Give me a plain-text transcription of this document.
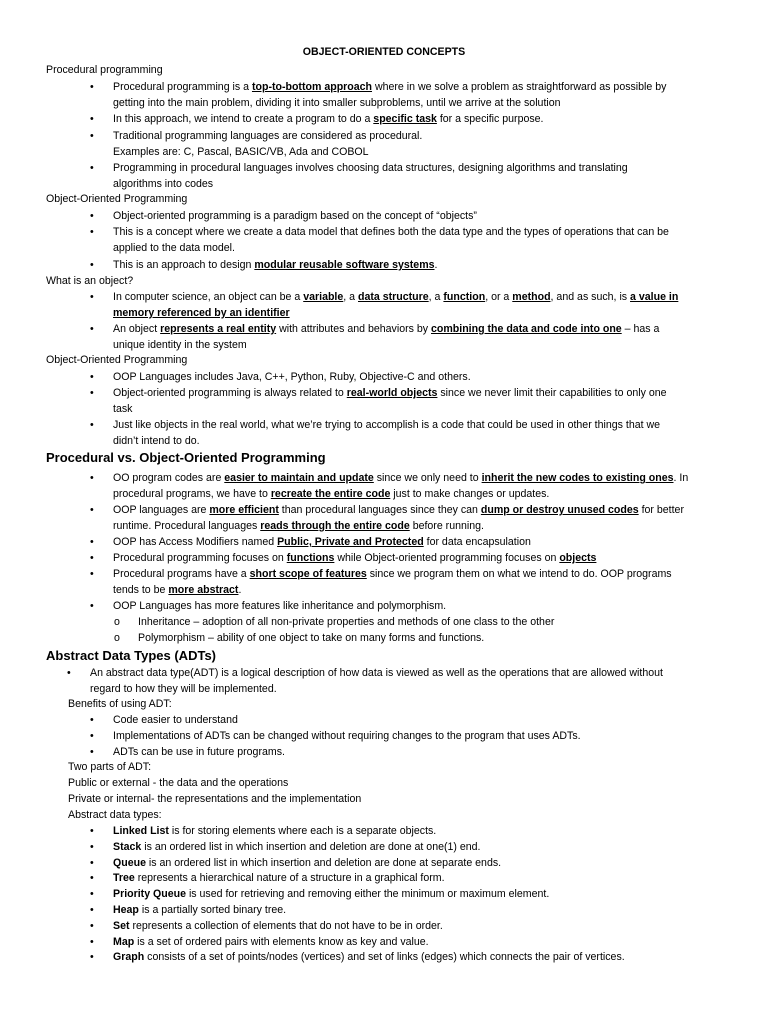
OBJECT-ORIENTED CONCEPTS
Procedural programming
•	Procedural programming is a top-to-bottom approach where in we solve a problem as straightforward as possible by
getting into the main problem, dividing it into smaller subproblems, until we arrive at the solution
•	In this approach, we intend to create a program to do a specific task for a specific purpose.
•	Traditional programming languages are considered as procedural.
Examples are: C, Pascal, BASIC/VB, Ada and COBOL
•	Programming in procedural languages involves choosing data structures, designing algorithms and translating
algorithms into codes
Object-Oriented Programming
•	Object-oriented programming is a paradigm based on the concept of “objects”
•	This is a concept where we create a data model that defines both the data type and the types of operations that can be
applied to the data model.
•	This is an approach to design modular reusable software systems.
What is an object?
•	In computer science, an object can be a variable, a data structure, a function, or a method, and as such, is a value in
memory referenced by an identifier
•	An object represents a real entity with attributes and behaviors by combining the data and code into one – has a
unique identity in the system
Object-Oriented Programming
•	OOP Languages includes Java, C++, Python, Ruby, Objective-C and others.
•	Object-oriented programming is always related to real-world objects since we never limit their capabilities to only one
task
•	Just like objects in the real world, what we’re trying to accomplish is a code that could be used in other things that we
didn’t intend to do.
Procedural vs. Object-Oriented Programming
•	OO program codes are easier to maintain and update since we only need to inherit the new codes to existing ones. In
procedural programs, we have to recreate the entire code just to make changes or updates.
•	OOP languages are more efficient than procedural languages since they can dump or destroy unused codes for better
runtime. Procedural languages reads through the entire code before running.
•	OOP has Access Modifiers named Public, Private and Protected for data encapsulation
•	Procedural programming focuses on functions while Object-oriented programming focuses on objects
•	Procedural programs have a short scope of features since we program them on what we intend to do. OOP programs
tends to be more abstract.
•	OOP Languages has more features like inheritance and polymorphism.
o	Inheritance – adoption of all non-private properties and methods of one class to the other
o	Polymorphism – ability of one object to take on many forms and functions.
Abstract Data Types (ADTs)
•	An abstract data type(ADT) is a logical description of how data is viewed as well as the operations that are allowed without
regard to how they will be implemented.
Benefits of using ADT:
•	Code easier to understand
•	Implementations of ADTs can be changed without requiring changes to the program that uses ADTs.
•	ADTs can be use in future programs.
Two parts of ADT:
Public or external - the data and the operations
Private or internal- the representations and the implementation
Abstract data types:
•	Linked List is for storing elements where each is a separate objects.
•	Stack is an ordered list in which insertion and deletion are done at one(1) end.
•	Queue is an ordered list in which insertion and deletion are done at separate ends.
•	Tree represents a hierarchical nature of a structure in a graphical form.
•	Priority Queue is used for retrieving and removing either the minimum or maximum element.
•	Heap is a partially sorted binary tree.
•	Set represents a collection of elements that do not have to be in order.
•	Map is a set of ordered pairs with elements know as key and value.
•	Graph consists of a set of points/nodes (vertices) and set of links (edges) which connects the pair of vertices.
